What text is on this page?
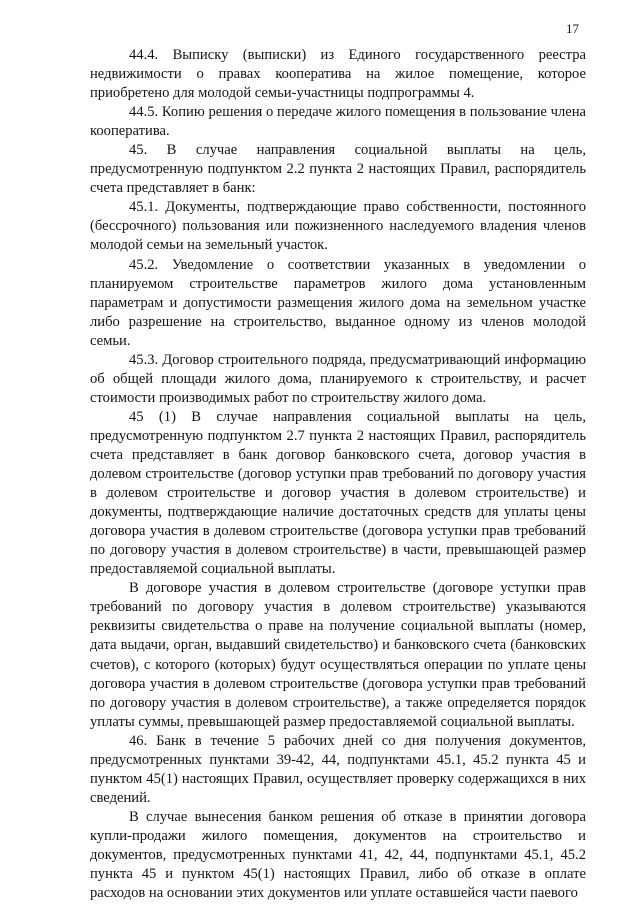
17

44.4. Выписку (выписки) из Единого государственного реестра недвижимости о правах кооператива на жилое помещение, которое приобретено для молодой семьи-участницы подпрограммы 4.

44.5. Копию решения о передаче жилого помещения в пользование члена кооператива.

45. В случае направления социальной выплаты на цель, предусмотренную подпунктом 2.2 пункта 2 настоящих Правил, распорядитель счета представляет в банк:

45.1. Документы, подтверждающие право собственности, постоянного (бессрочного) пользования или пожизненного наследуемого владения членов молодой семьи на земельный участок.

45.2. Уведомление о соответствии указанных в уведомлении о планируемом строительстве параметров жилого дома установленным параметрам и допустимости размещения жилого дома на земельном участке либо разрешение на строительство, выданное одному из членов молодой семьи.

45.3. Договор строительного подряда, предусматривающий информацию об общей площади жилого дома, планируемого к строительству, и расчет стоимости производимых работ по строительству жилого дома.

45 (1) В случае направления социальной выплаты на цель, предусмотренную подпунктом 2.7 пункта 2 настоящих Правил, распорядитель счета представляет в банк договор банковского счета, договор участия в долевом строительстве (договор уступки прав требований по договору участия в долевом строительстве и договор участия в долевом строительстве) и документы, подтверждающие наличие достаточных средств для уплаты цены договора участия в долевом строительстве (договора уступки прав требований по договору участия в долевом строительстве) в части, превышающей размер предоставляемой социальной выплаты.

В договоре участия в долевом строительстве (договоре уступки прав требований по договору участия в долевом строительстве) указываются реквизиты свидетельства о праве на получение социальной выплаты (номер, дата выдачи, орган, выдавший свидетельство) и банковского счета (банковских счетов), с которого (которых) будут осуществляться операции по уплате цены договора участия в долевом строительстве (договора уступки прав требований по договору участия в долевом строительстве), а также определяется порядок уплаты суммы, превышающей размер предоставляемой социальной выплаты.

46. Банк в течение 5 рабочих дней со дня получения документов, предусмотренных пунктами 39-42, 44, подпунктами 45.1, 45.2 пункта 45 и пунктом 45(1) настоящих Правил, осуществляет проверку содержащихся в них сведений.

В случае вынесения банком решения об отказе в принятии договора купли-продажи жилого помещения, документов на строительство и документов, предусмотренных пунктами 41, 42, 44, подпунктами 45.1, 45.2 пункта 45 и пунктом 45(1) настоящих Правил, либо об отказе в оплате расходов на основании этих документов или уплате оставшейся части паевого
